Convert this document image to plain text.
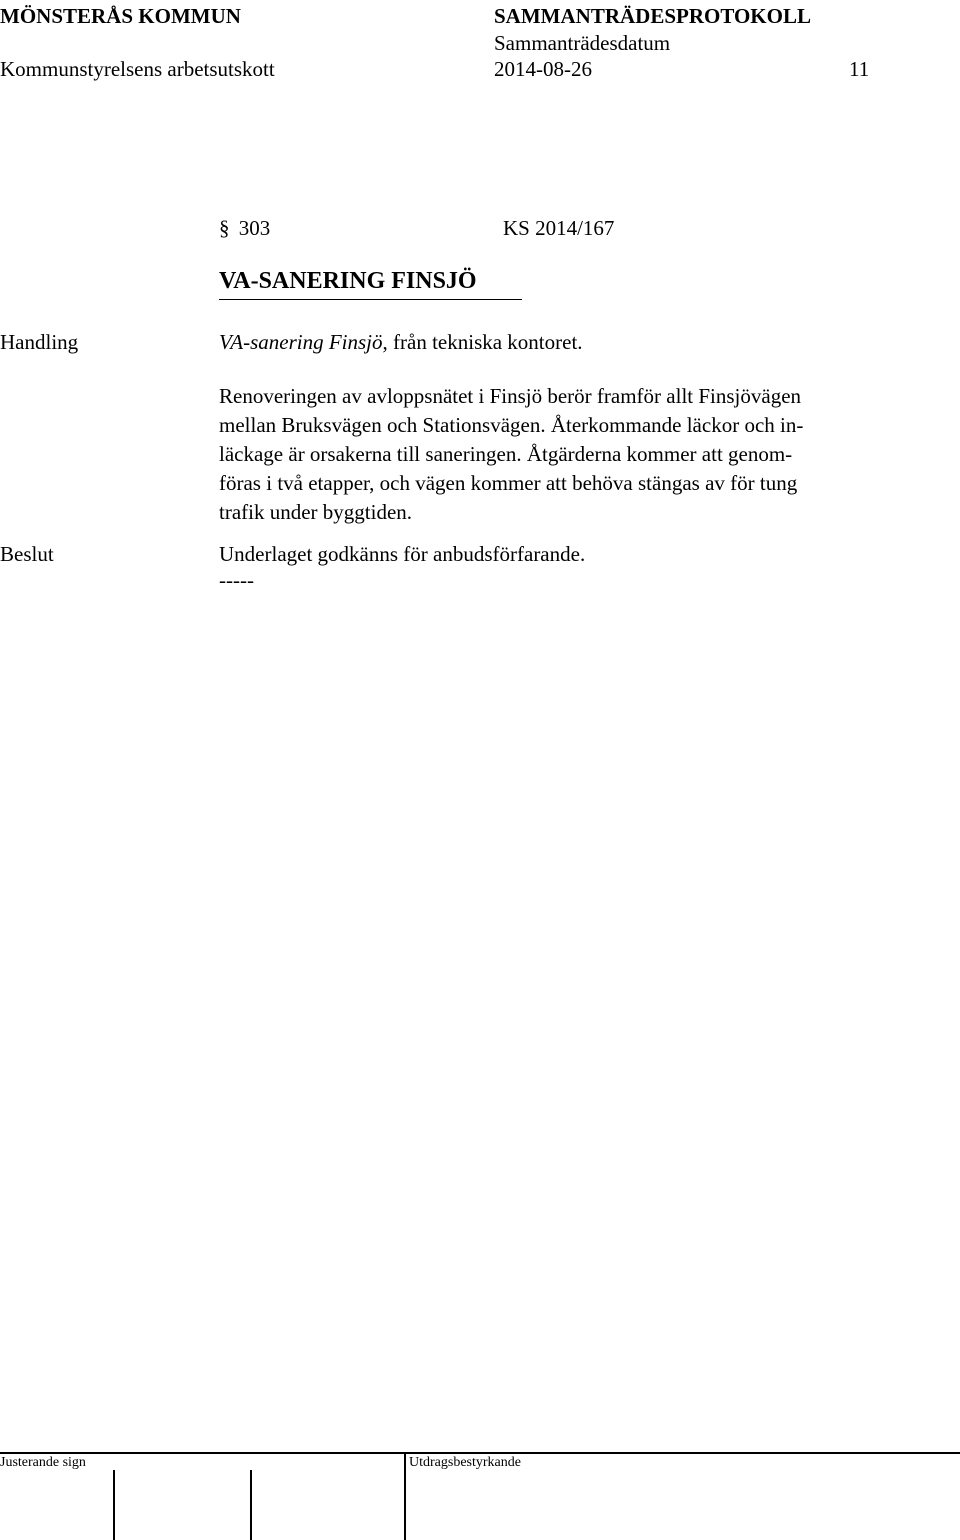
MÖNSTERÅS KOMMUN	SAMMANTRÄDESPROTOKOLL
Sammanträdesdatum
Kommunstyrelsens arbetsutskott	2014-08-26	11
§ 303	KS 2014/167
VA-SANERING FINSJÖ
Handling	VA-sanering Finsjö, från tekniska kontoret.
Renoveringen av avloppsnätet i Finsjö berör framför allt Finsjövägen
mellan Bruksvägen och Stationsvägen. Återkommande läckor och in-
läckage är orsakerna till saneringen. Åtgärderna kommer att genom-
föras i två etapper, och vägen kommer att behöva stängas av för tung
trafik under byggtiden.
Beslut	Underlaget godkänns för anbudsförfarande.
-----
Justerande sign	Utdragsbestyrkande
